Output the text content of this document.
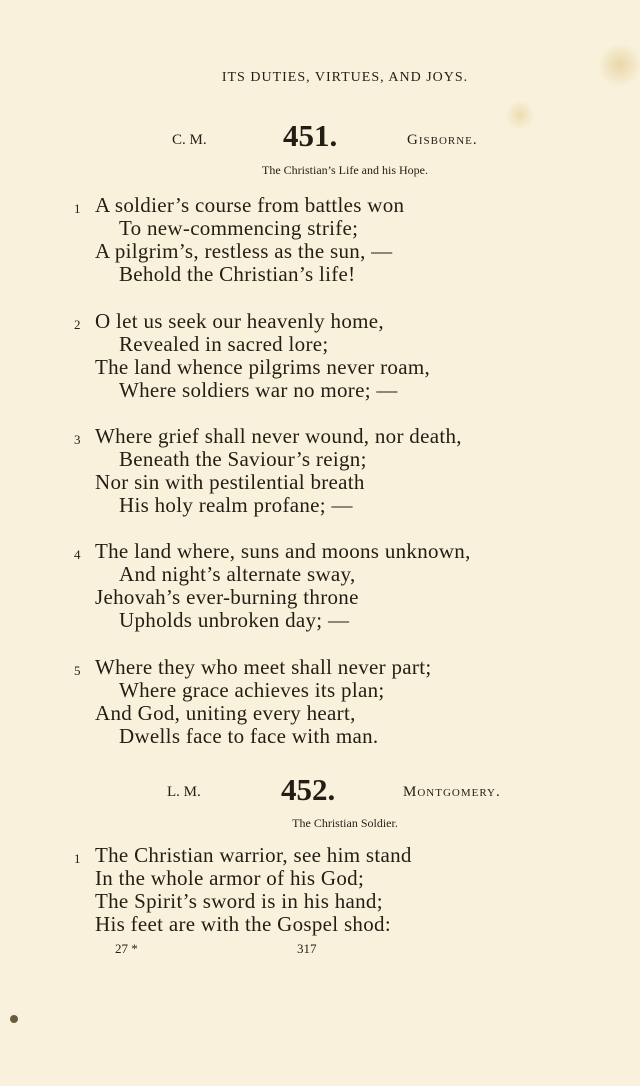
ITS DUTIES, VIRTUES, AND JOYS.
C. M. 451.	Gisborne.
The Christian’s Life and his Hope.
1 A soldier’s course from battles won
To new-commencing strife;
A pilgrim’s, restless as the sun, —
Behold the Christian’s life!
2 O let us seek our heavenly home,
Revealed in sacred lore;
The land whence pilgrims never roam,
Where soldiers war no more; —
3 Where grief shall never wound, nor death,
Beneath the Saviour’s reign;
Nor sin with pestilential breath
His holy realm profane; —
4 The land where, suns and moons unknown,
And night’s alternate sway,
Jehovah’s ever-burning throne
Upholds unbroken day; —
5 Where they who meet shall never part;
Where grace achieves its plan;
And God, uniting every heart,
Dwells face to face with man.
L. M.	452.	Montgomery.
The Christian Soldier.
1 The Christian warrior, see him stand
In the whole armor of his God;
The Spirit’s sword is in his hand;
His feet are with the Gospel shod:
27 *	317
